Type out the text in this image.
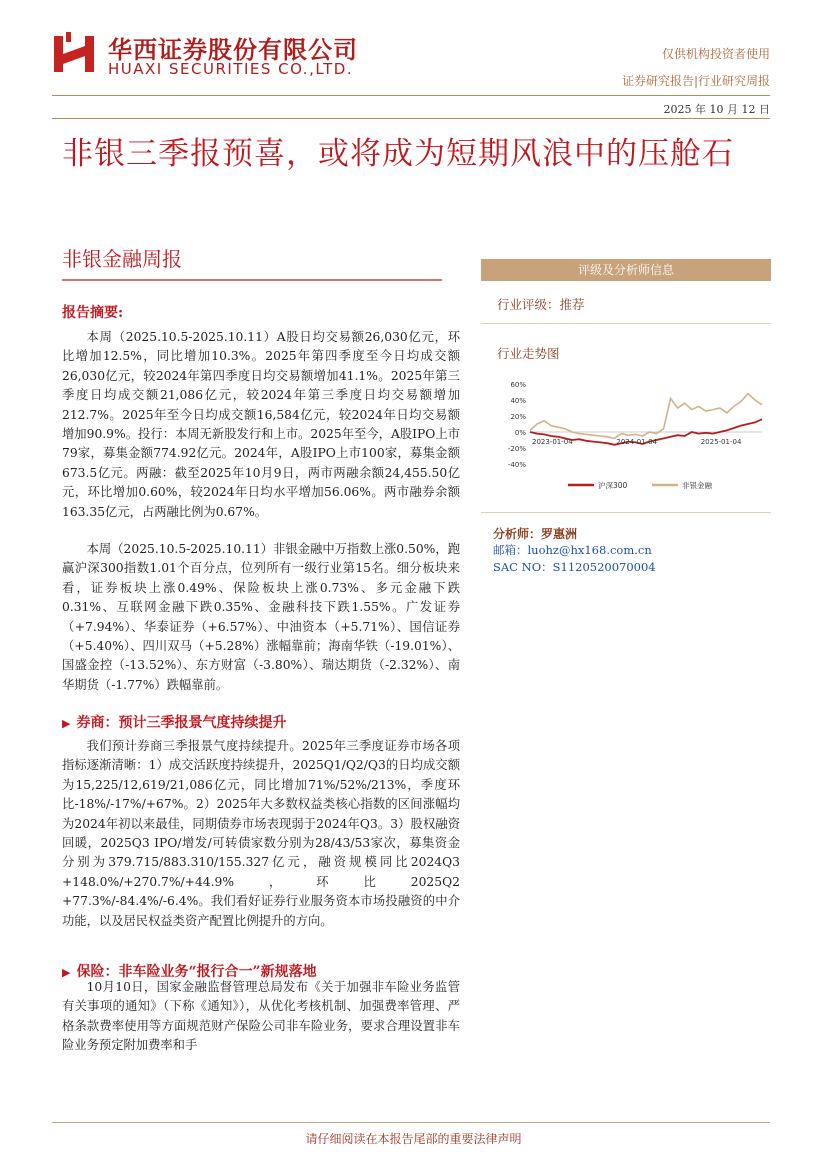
华西证券股份有限公司
HUAXI SECURITIES CO.,LTD.
仅供机构投资者使用
证券研究报告|行业研究周报
2025 年 10 月 12 日
非银三季报预喜，或将成为短期风浪中的压舱石
非银金融周报
报告摘要:

本周（2025.10.5-2025.10.11）A股日均交易额26,030亿元，环比增加12.5%，同比增加10.3%。2025年第四季度至今日均成交额26,030亿元，较2024年第四季度日均交易额增加41.1%。2025年第三季度日均成交额21,086亿元，较2024年第三季度日均交易额增加212.7%。2025年至今日均成交额16,584亿元，较2024年日均交易额增加90.9%。投行：本周无新股发行和上市。2025年至今，A股IPO上市79家，募集金额774.92亿元。2024年，A股IPO上市100家，募集金额673.5亿元。两融：截至2025年10月9日，两市两融余额24,455.50亿元，环比增加0.60%，较2024年日均水平增加56.06%。两市融券余额163.35亿元，占两融比例为0.67%。

本周（2025.10.5-2025.10.11）非银金融中万指数上涨0.50%，跑赢沪深300指数1.01个百分点，位列所有一级行业第15名。细分板块来看，证券板块上涨0.49%、保险板块上涨0.73%、多元金融下跌0.31%、互联网金融下跌0.35%、金融科技下跌1.55%。广发证券（+7.94%）、华泰证券（+6.57%）、中油资本（+5.71%）、国信证券（+5.40%）、四川双马（+5.28%）涨幅靠前；海南华铁（-19.01%）、国盛金控（-13.52%）、东方财富（-3.80%）、瑞达期货（-2.32%）、南华期货（-1.77%）跌幅靠前。

▶ 券商：预计三季报景气度持续提升

我们预计券商三季报景气度持续提升。2025年三季度证券市场各项指标逐渐清晰：1）成交活跃度持续提升，2025Q1/Q2/Q3的日均成交额为15,225/12,619/21,086亿元，同比增加71%/52%/213%，季度环比-18%/-17%/+67%。2）2025年大多数权益类核心指数的区间涨幅均为2024年初以来最佳，同期债券市场表现弱于2024年Q3。3）股权融资回暖，2025Q3 IPO/增发/可转债家数分别为28/43/53家次，募集资金分别为379.715/883.310/155.327亿元，融资规模同比2024Q3 +148.0%/+270.7%/+44.9%，环比2025Q2 +77.3%/-84.4%/-6.4%。我们看好证券行业服务资本市场投融资的中介功能，以及居民权益类资产配置比例提升的方向。

▶ 保险：非车险业务“报行合一”新规落地

10月10日，国家金融监督管理总局发布《关于加强非车险业务监管有关事项的通知》（下称《通知》），从优化考核机制、加强费率管理、严格条款费率使用等方面规范财产保险公司非车险业务，要求合理设置非车险业务预定附加费率和手

评级及分析师信息
行业评级：推荐
行业走势图
60%
40%
20%
0%
-20%
-40%
2023-01-04	2024-01-04	2025-01-04
沪深300	非银金融
分析师：罗惠洲
邮箱：luohz@hx168.com.cn
SAC NO：S1120520070004
请仔细阅读在本报告尾部的重要法律声明
